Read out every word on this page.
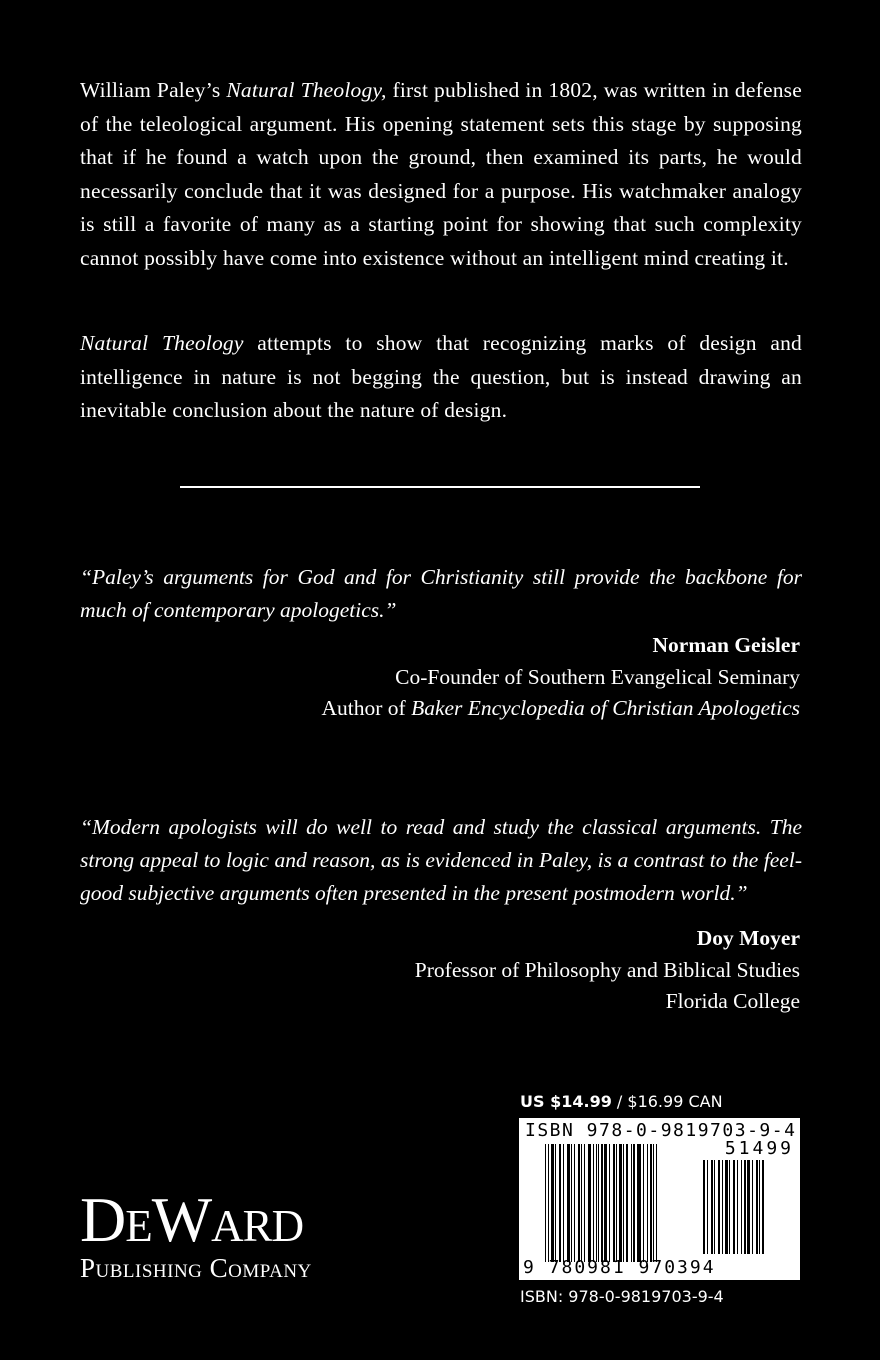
William Paley’s Natural Theology, first published in 1802, was written in defense of the teleological argument. His opening statement sets this stage by supposing that if he found a watch upon the ground, then examined its parts, he would necessarily conclude that it was designed for a purpose. His watchmaker analogy is still a favorite of many as a starting point for showing that such complexity cannot possibly have come into existence without an intelligent mind creating it.
Natural Theology attempts to show that recognizing marks of design and intelligence in nature is not begging the question, but is instead drawing an inevitable conclusion about the nature of design.
“Paley’s arguments for God and for Christianity still provide the backbone for much of contemporary apologetics.”
Norman Geisler
Co-Founder of Southern Evangelical Seminary
Author of Baker Encyclopedia of Christian Apologetics
“Modern apologists will do well to read and study the classical arguments. The strong appeal to logic and reason, as is evidenced in Paley, is a contrast to the feel-good subjective arguments often presented in the present postmodern world.”
Doy Moyer
Professor of Philosophy and Biblical Studies
Florida College
DeWard
Publishing Company
US $14.99 / $16.99 CAN
ISBN 978-0-9819703-9-4
51499
9 780981 970394
ISBN: 978-0-9819703-9-4
